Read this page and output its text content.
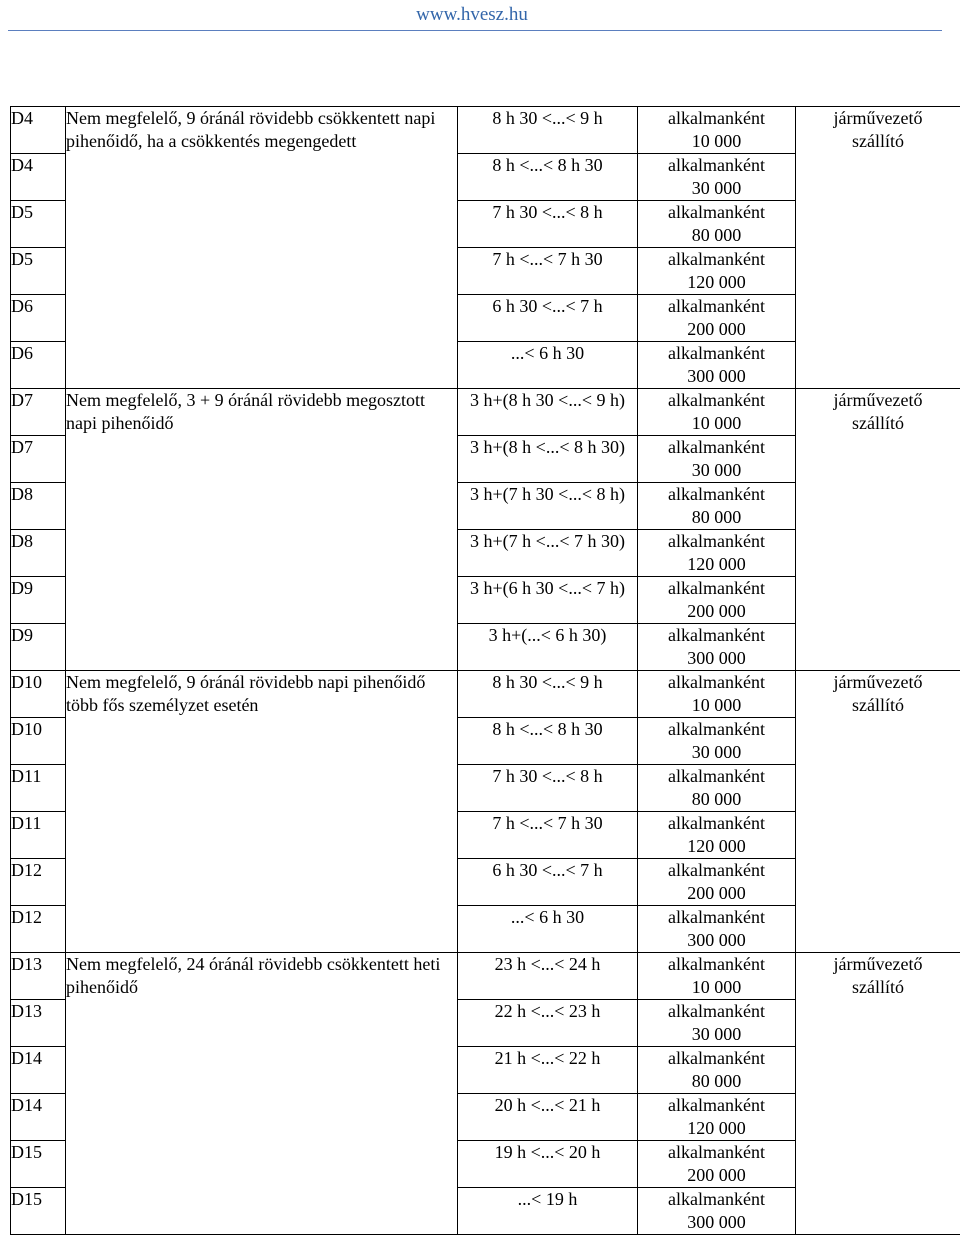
www.hvesz.hu
D4	Nem megfelelő, 9 óránál rövidebb csökkentett napi pihenőidő, ha a csökkentés megengedett	8 h 30 <...< 9 h	alkalmanként
10 000	járművezető
szállító

D4		8 h <...< 8 h 30	alkalmanként
30 000	

D5		7 h 30 <...< 8 h	alkalmanként
80 000	

D5		7 h <...< 7 h 30	alkalmanként
120 000	

D6		6 h 30 <...< 7 h	alkalmanként
200 000	

D6		...< 6 h 30	alkalmanként
300 000	

D7	Nem megfelelő, 3 + 9 óránál rövidebb megosztott napi pihenőidő	3 h+(8 h 30 <...< 9 h)	alkalmanként
10 000	járművezető
szállító

D7		3 h+(8 h <...< 8 h 30)	alkalmanként
30 000	

D8		3 h+(7 h 30 <...< 8 h)	alkalmanként
80 000	

D8		3 h+(7 h <...< 7 h 30)	alkalmanként
120 000	

D9		3 h+(6 h 30 <...< 7 h)	alkalmanként
200 000	

D9		3 h+(...< 6 h 30)	alkalmanként
300 000	

D10	Nem megfelelő, 9 óránál rövidebb napi pihenőidő több fős személyzet esetén	8 h 30 <...< 9 h	alkalmanként
10 000	járművezető
szállító

D10		8 h <...< 8 h 30	alkalmanként
30 000	

D11		7 h 30 <...< 8 h	alkalmanként
80 000	

D11		7 h <...< 7 h 30	alkalmanként
120 000	

D12		6 h 30 <...< 7 h	alkalmanként
200 000	

D12		...< 6 h 30	alkalmanként
300 000	

D13	Nem megfelelő, 24 óránál rövidebb csökkentett heti pihenőidő	23 h <...< 24 h	alkalmanként
10 000	járművezető
szállító

D13		22 h <...< 23 h	alkalmanként
30 000	

D14		21 h <...< 22 h	alkalmanként
80 000	

D14		20 h <...< 21 h	alkalmanként
120 000	

D15		19 h <...< 20 h	alkalmanként
200 000	

D15		...< 19 h	alkalmanként
300 000	
